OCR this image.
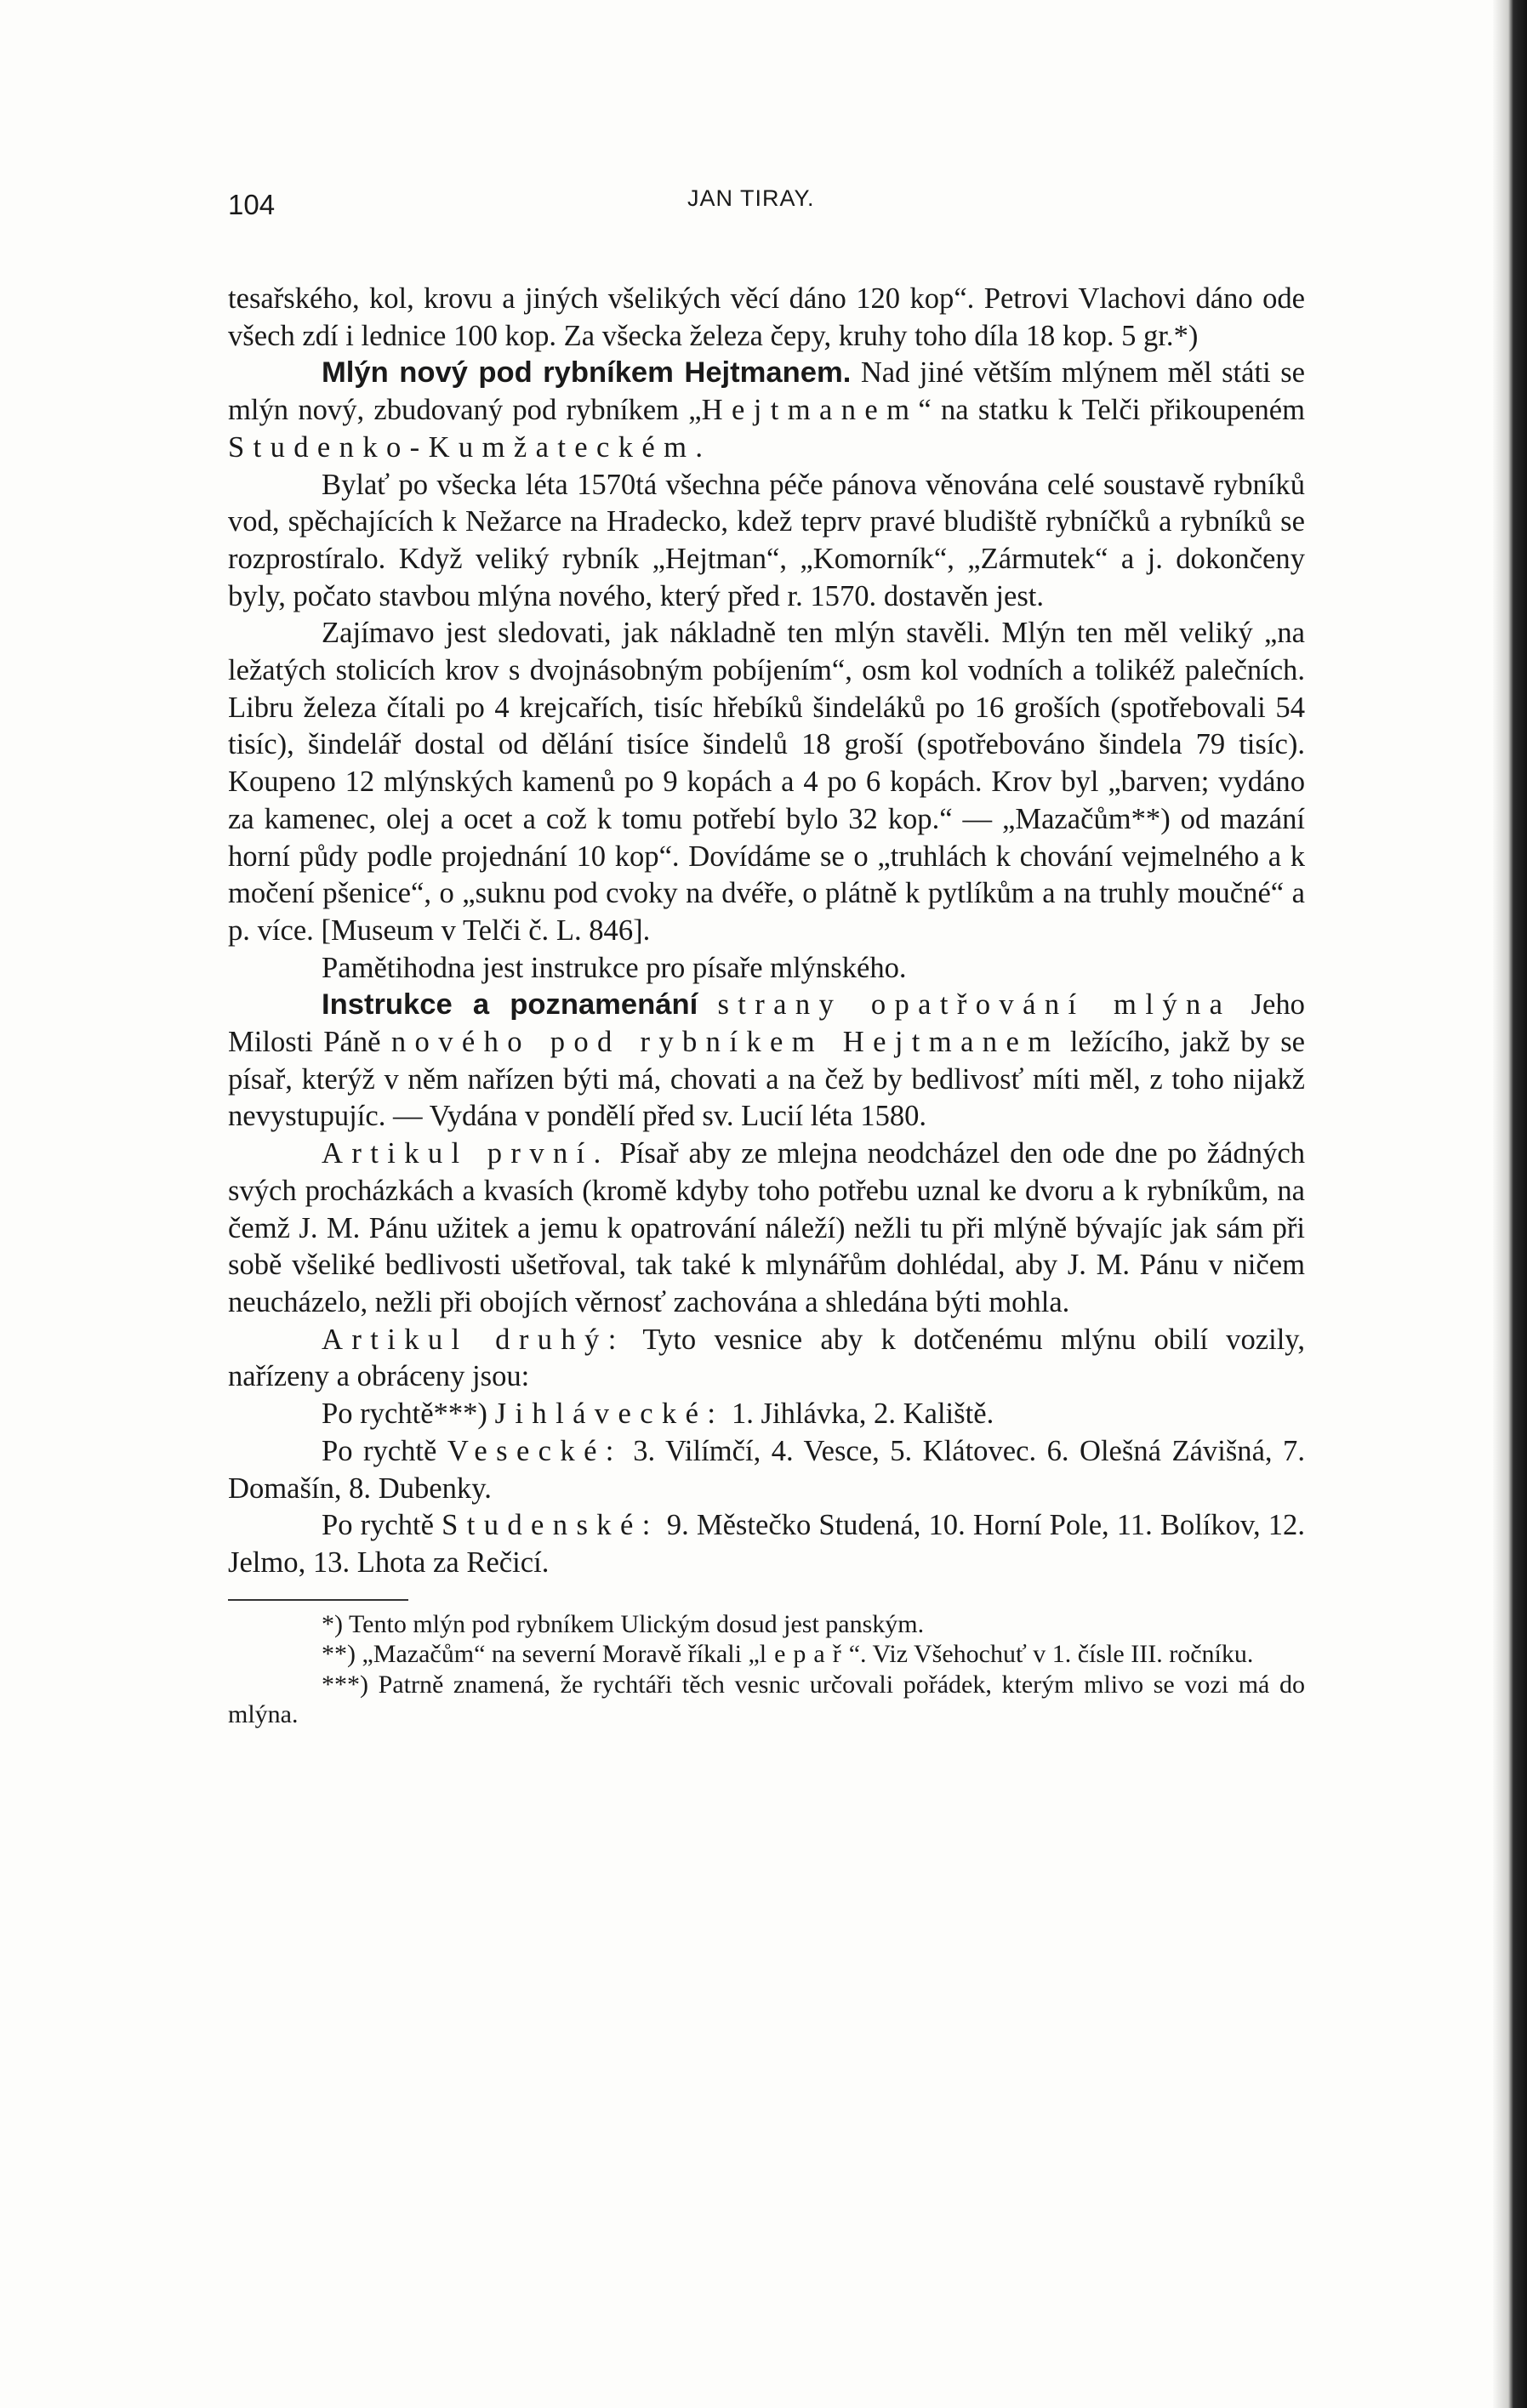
104	JAN TIRAY.

tesařského, kol, krovu a jiných všelikých věcí dáno 120 kop“. Petrovi Vlachovi dáno ode všech zdí i lednice 100 kop. Za všecka železa čepy, kruhy toho díla 18 kop. 5 gr.*)

Mlýn nový pod rybníkem Hejtmanem. Nad jiné větším mlýnem měl státi se mlýn nový, zbudovaný pod rybníkem „Hejtmanem“ na statku k Telči přikoupeném Studenko-Kumžateckém.

Bylať po všecka léta 1570tá všechna péče pánova věnována celé soustavě rybníků vod, spěchajících k Nežarce na Hradecko, kdež teprv pravé bludiště rybníčků a rybníků se rozprostíralo. Když veliký rybník „Hejtman“, „Komorník“, „Zármutek“ a j. dokončeny byly, počato stavbou mlýna nového, který před r. 1570. dostavěn jest.

Zajímavo jest sledovati, jak nákladně ten mlýn stavěli. Mlýn ten měl veliký „na ležatých stolicích krov s dvojnásobným pobíjením“, osm kol vodních a tolikéž palečních. Libru železa čítali po 4 krejcařích, tisíc hřebíků šindeláků po 16 groších (spotřebovali 54 tisíc), šindelář dostal od dělání tisíce šindelů 18 groší (spotřebováno šindela 79 tisíc). Koupeno 12 mlýnských kamenů po 9 kopách a 4 po 6 kopách. Krov byl „barven; vydáno za kamenec, olej a ocet a což k tomu potřebí bylo 32 kop.“ — „Mazačům**) od mazání horní půdy podle projednání 10 kop“. Dovídáme se o „truhlách k chování vejmelného a k močení pšenice“, o „suknu pod cvoky na dvéře, o plátně k pytlíkům a na truhly moučné“ a p. více. [Museum v Telči č. L. 846].

Pamětihodna jest instrukce pro písaře mlýnského.

Instrukce a poznamenání strany opatřování mlýna Jeho Milosti Páně nového pod rybníkem Hejtmanem ležícího, jakž by se písař, kterýž v něm nařízen býti má, chovati a na čež by bedlivosť míti měl, z toho nijakž nevystupujíc. — Vydána v pondělí před sv. Lucií léta 1580.

Artikul první. Písař aby ze mlejna neodcházel den ode dne po žádných svých procházkách a kvasích (kromě kdyby toho potřebu uznal ke dvoru a k rybníkům, na čemž J. M. Pánu užitek a jemu k opatrování náleží) nežli tu při mlýně bývajíc jak sám při sobě všeliké bedlivosti ušetřoval, tak také k mlynářům dohlédal, aby J. M. Pánu v ničem neucházelo, nežli při obojích věrnosť zachována a shledána býti mohla.

Artikul druhý: Tyto vesnice aby k dotčenému mlýnu obilí vozily, nařízeny a obráceny jsou:

Po rychtě***) Jihlávecké: 1. Jihlávka, 2. Kaliště.

Po rychtě Vesecké: 3. Vilímčí, 4. Vesce, 5. Klátovec. 6. Olešná Závišná, 7. Domašín, 8. Dubenky.

Po rychtě Studenské: 9. Městečko Studená, 10. Horní Pole, 11. Bolíkov, 12. Jelmo, 13. Lhota za Rečicí.

*) Tento mlýn pod rybníkem Ulickým dosud jest panským.

**) „Mazačům“ na severní Moravě říkali „lepař“. Viz Všehochuť v 1. čísle III. ročníku.

***) Patrně znamená, že rychtáři těch vesnic určovali pořádek, kterým mlivo se vozi má do mlýna.
